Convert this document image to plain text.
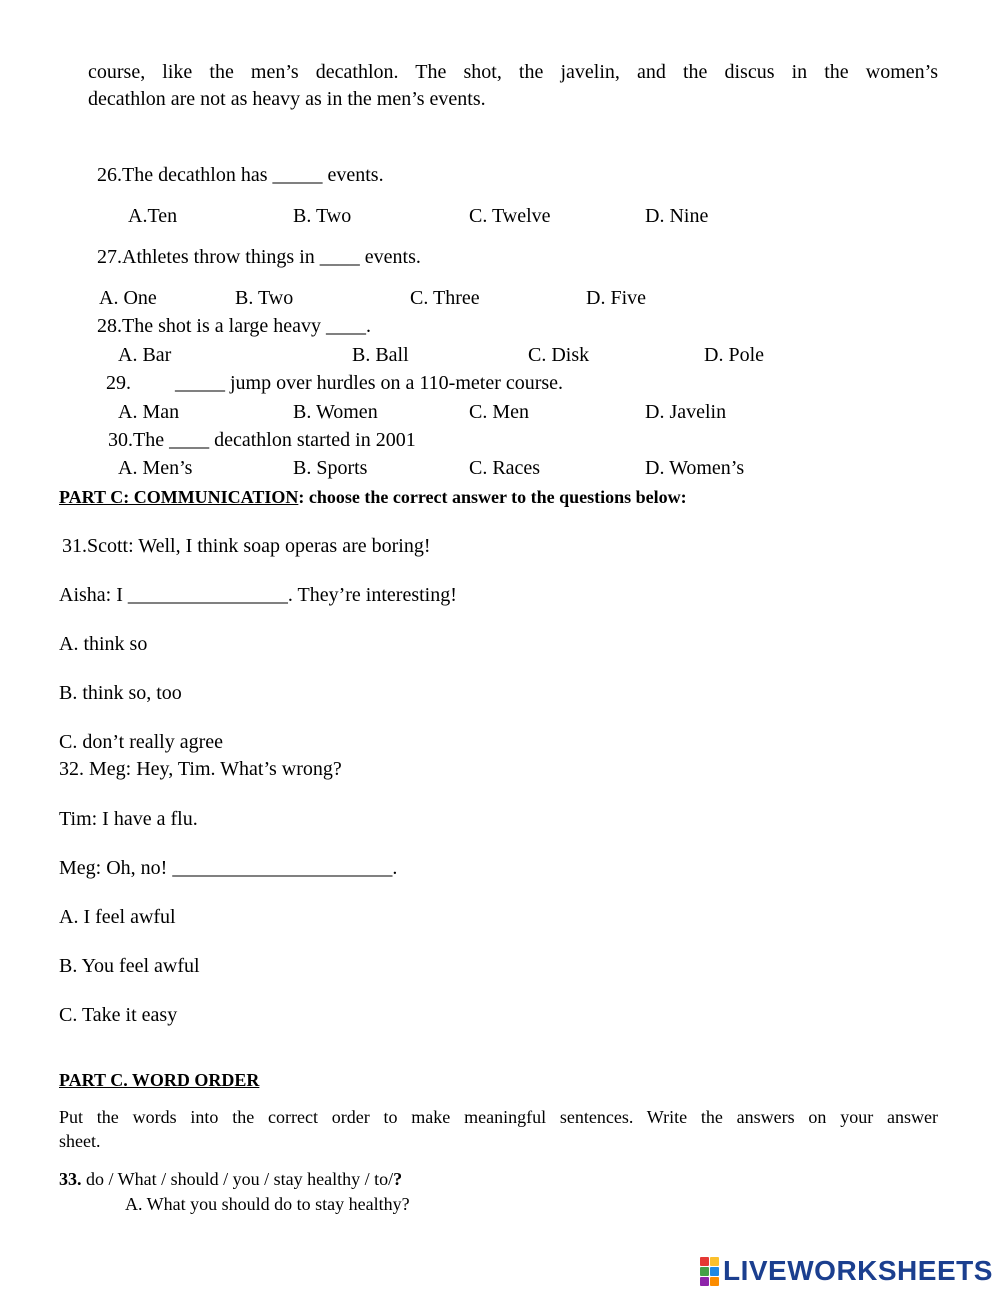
course, like the men’s decathlon. The shot, the javelin, and the discus in the women’s
decathlon are not as heavy as in the men’s events.
26.The decathlon has _____ events.
A.Ten	B. Two	C. Twelve	D. Nine
27.Athletes throw things in ____ events.
A. One	B. Two	C. Three	D. Five
28.The shot is a large heavy ____.
A. Bar	B. Ball	C. Disk	D. Pole
29. _____ jump over hurdles on a 110-meter course.
A. Man	B. Women	C. Men	D. Javelin
30.The ____ decathlon started in 2001
A. Men’s	B. Sports	C. Races	D. Women’s
PART C: COMMUNICATION: choose the correct answer to the questions below:
31.Scott: Well, I think soap operas are boring!
Aisha: I ________________. They’re interesting!
A. think so
B. think so, too
C. don’t really agree
32. Meg: Hey, Tim. What’s wrong?
Tim: I have a flu.
Meg: Oh, no! ______________________.
A. I feel awful
B. You feel awful
C. Take it easy
PART C. WORD ORDER
Put the words into the correct order to make meaningful sentences. Write the answers on your answer
sheet.
33. do / What / should / you / stay healthy / to/?
A. What you should do to stay healthy?
LIVEWORKSHEETS
